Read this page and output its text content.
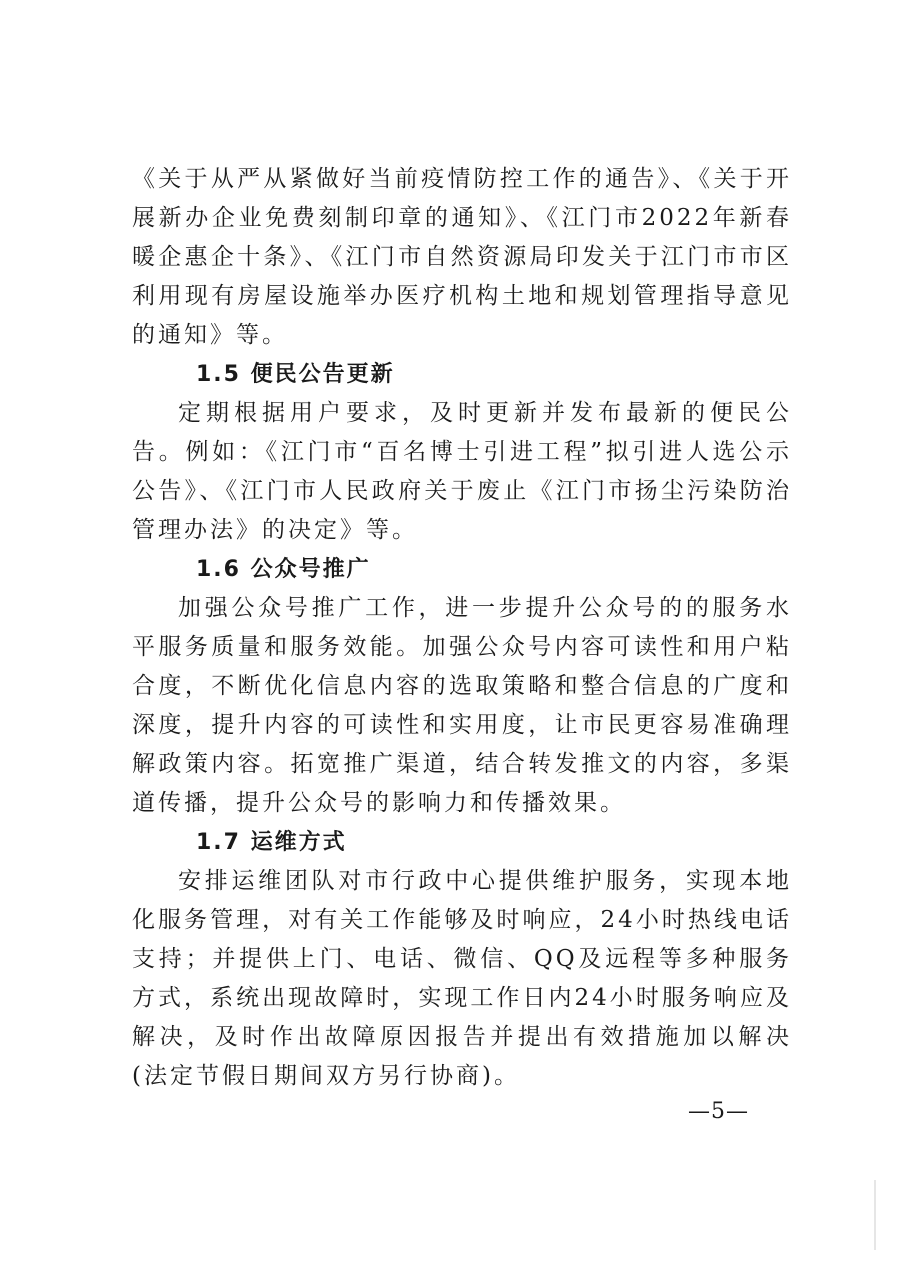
《关于从严从紧做好当前疫情防控工作的通告》、《关于开展新办企业免费刻制印章的通知》、《江门市2022年新春暖企惠企十条》、《江门市自然资源局印发关于江门市市区利用现有房屋设施举办医疗机构土地和规划管理指导意见的通知》等。

1.5 便民公告更新

定期根据用户要求，及时更新并发布最新的便民公告。例如：《江门市“百名博士引进工程”拟引进人选公示公告》、《江门市人民政府关于废止《江门市扬尘污染防治管理办法》的决定》等。

1.6 公众号推广

加强公众号推广工作，进一步提升公众号的的服务水平服务质量和服务效能。加强公众号内容可读性和用户粘合度，不断优化信息内容的选取策略和整合信息的广度和深度，提升内容的可读性和实用度，让市民更容易准确理解政策内容。拓宽推广渠道，结合转发推文的内容，多渠道传播，提升公众号的影响力和传播效果。

1.7 运维方式

安排运维团队对市行政中心提供维护服务，实现本地化服务管理，对有关工作能够及时响应，24小时热线电话支持；并提供上门、电话、微信、QQ及远程等多种服务方式，系统出现故障时，实现工作日内24小时服务响应及解决，及时作出故障原因报告并提出有效措施加以解决(法定节假日期间双方另行协商)。

—5—
